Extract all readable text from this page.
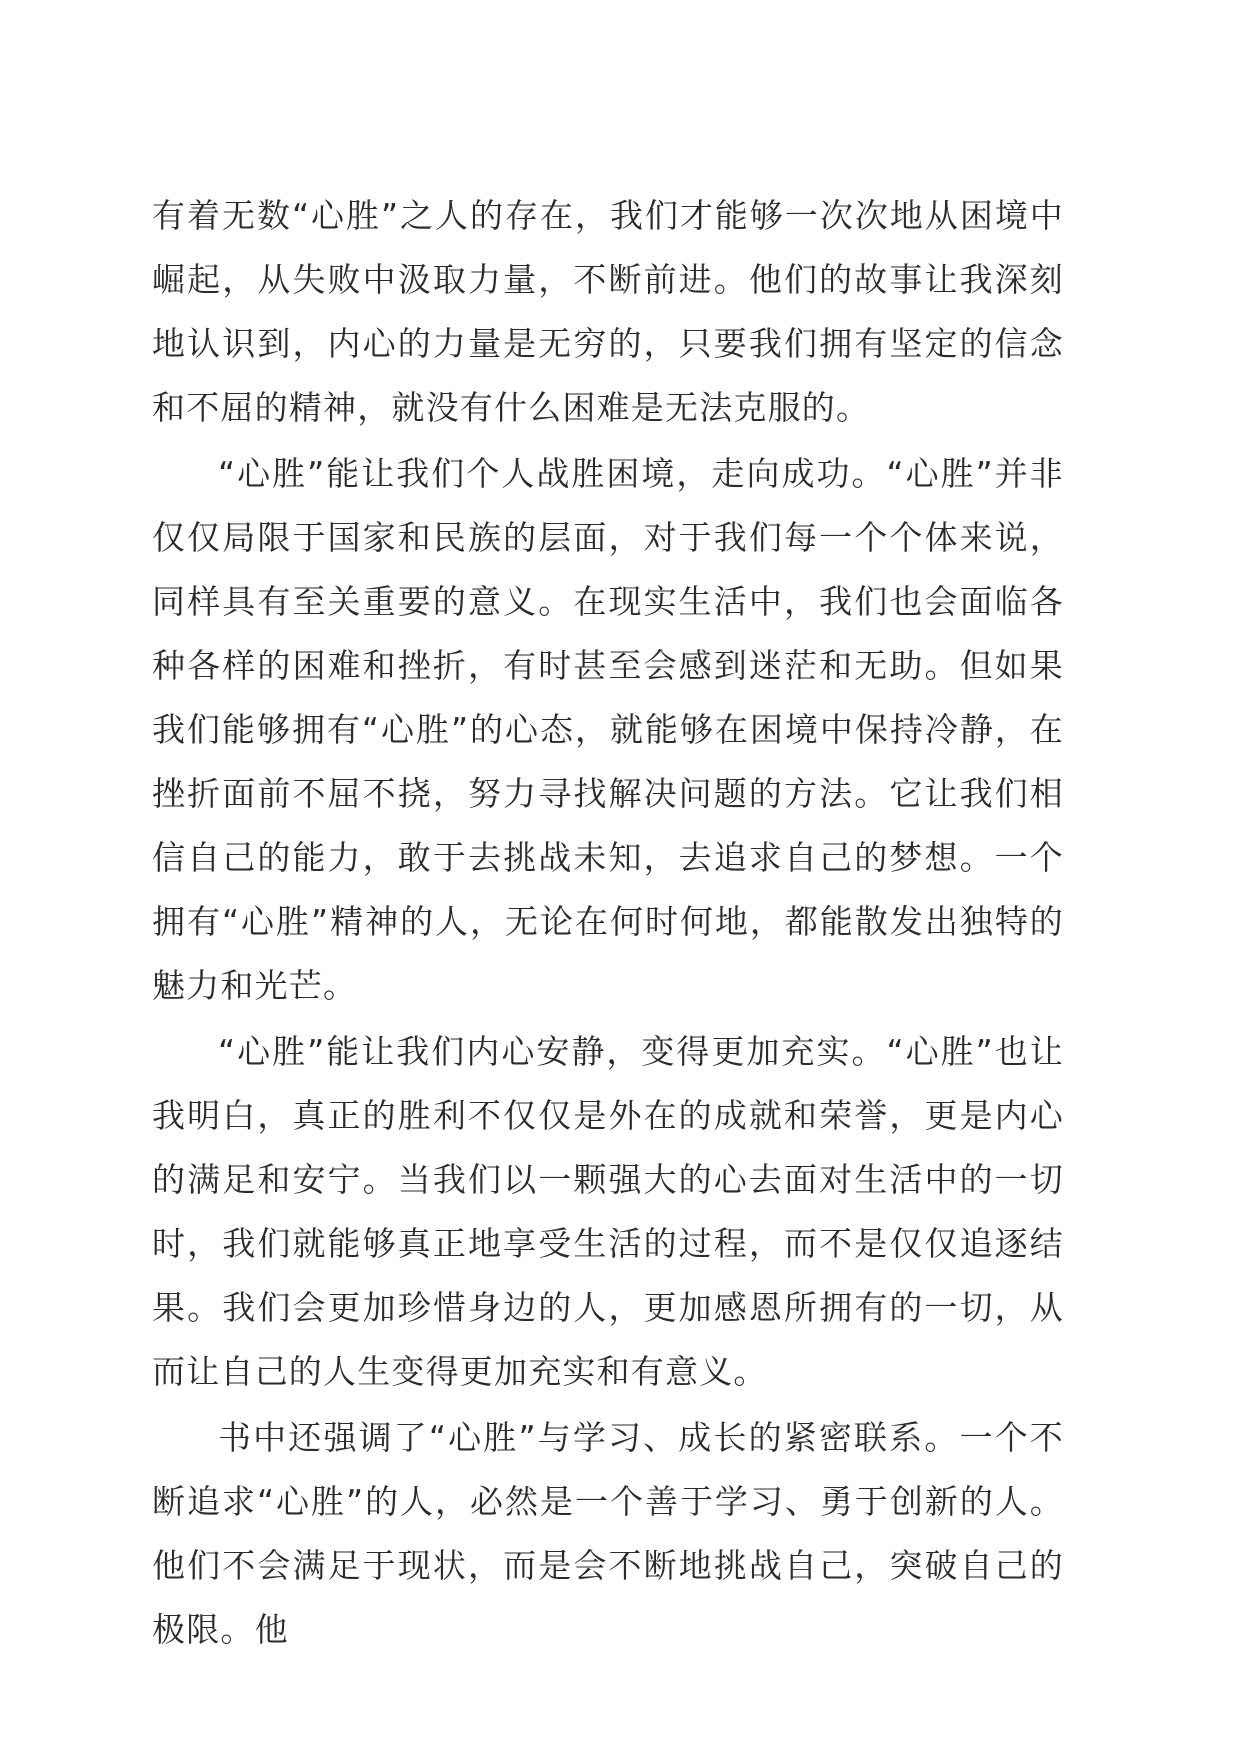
有着无数“心胜”之人的存在，我们才能够一次次地从困境中崛起，从失败中汲取力量，不断前进。他们的故事让我深刻地认识到，内心的力量是无穷的，只要我们拥有坚定的信念和不屈的精神，就没有什么困难是无法克服的。

“心胜”能让我们个人战胜困境，走向成功。“心胜”并非仅仅局限于国家和民族的层面，对于我们每一个个体来说，同样具有至关重要的意义。在现实生活中，我们也会面临各种各样的困难和挫折，有时甚至会感到迷茫和无助。但如果我们能够拥有“心胜”的心态，就能够在困境中保持冷静，在挫折面前不屈不挠，努力寻找解决问题的方法。它让我们相信自己的能力，敢于去挑战未知，去追求自己的梦想。一个拥有“心胜”精神的人，无论在何时何地，都能散发出独特的魅力和光芒。

“心胜”能让我们内心安静，变得更加充实。“心胜”也让我明白，真正的胜利不仅仅是外在的成就和荣誉，更是内心的满足和安宁。当我们以一颗强大的心去面对生活中的一切时，我们就能够真正地享受生活的过程，而不是仅仅追逐结果。我们会更加珍惜身边的人，更加感恩所拥有的一切，从而让自己的人生变得更加充实和有意义。

书中还强调了“心胜”与学习、成长的紧密联系。一个不断追求“心胜”的人，必然是一个善于学习、勇于创新的人。他们不会满足于现状，而是会不断地挑战自己，突破自己的极限。他
